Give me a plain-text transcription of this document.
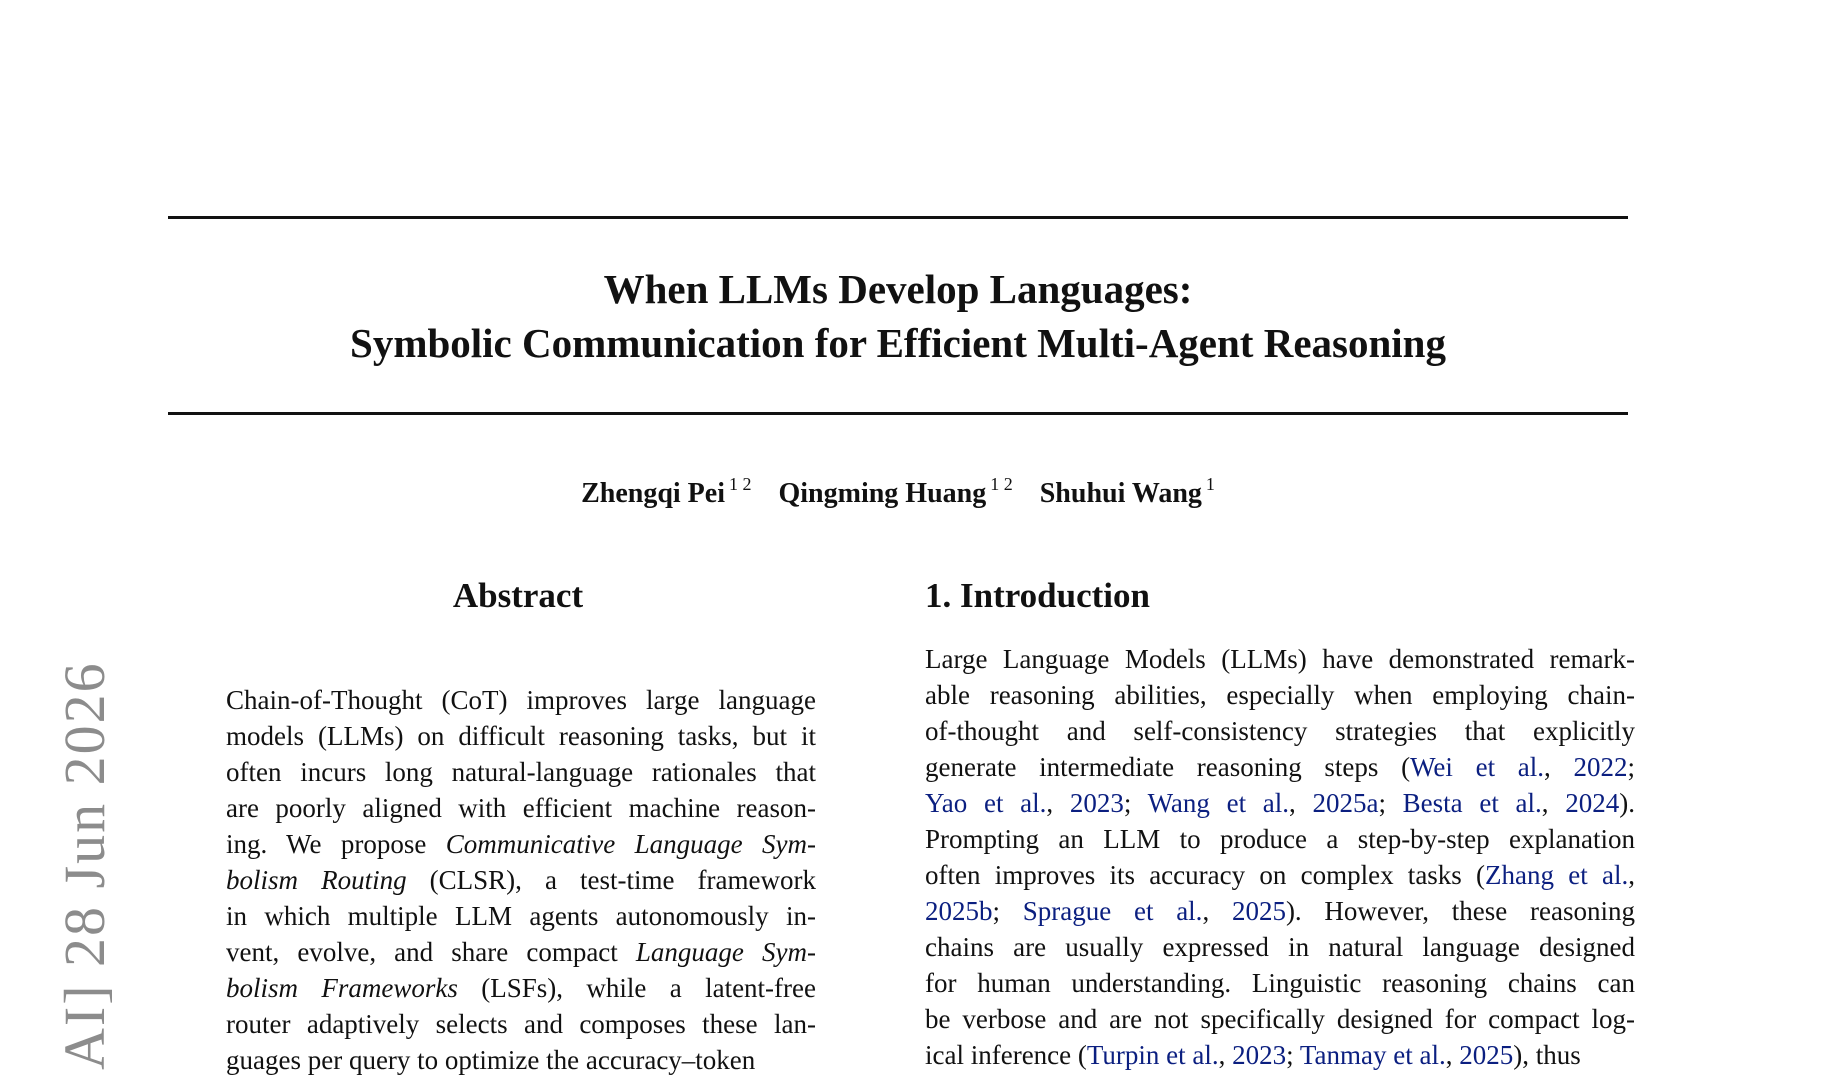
When LLMs Develop Languages:
Symbolic Communication for Efficient Multi-Agent Reasoning
Zhengqi Pei $^{1 2}$ Qingming Huang $^{1 2}$ Shuhui Wang $^1$
AI] 28 Jun 2026
Abstract
Chain-of-Thought (CoT) improves large language
models (LLMs) on difficult reasoning tasks, but it
often incurs long natural-language rationales that
are poorly aligned with efficient machine reason-
ing. We propose Communicative Language Sym-
bolism Routing (CLSR), a test-time framework
in which multiple LLM agents autonomously in-
vent, evolve, and share compact Language Sym-
bolism Frameworks (LSFs), while a latent-free
router adaptively selects and composes these lan-
guages per query to optimize the accuracy–token
1. Introduction
Large Language Models (LLMs) have demonstrated remark-
able reasoning abilities, especially when employing chain-
of-thought and self-consistency strategies that explicitly
generate intermediate reasoning steps (Wei et al., 2022;
Yao et al., 2023; Wang et al., 2025a; Besta et al., 2024).
Prompting an LLM to produce a step-by-step explanation
often improves its accuracy on complex tasks (Zhang et al.,
2025b; Sprague et al., 2025). However, these reasoning
chains are usually expressed in natural language designed
for human understanding. Linguistic reasoning chains can
be verbose and are not specifically designed for compact log-
ical inference (Turpin et al., 2023; Tanmay et al., 2025), thus
